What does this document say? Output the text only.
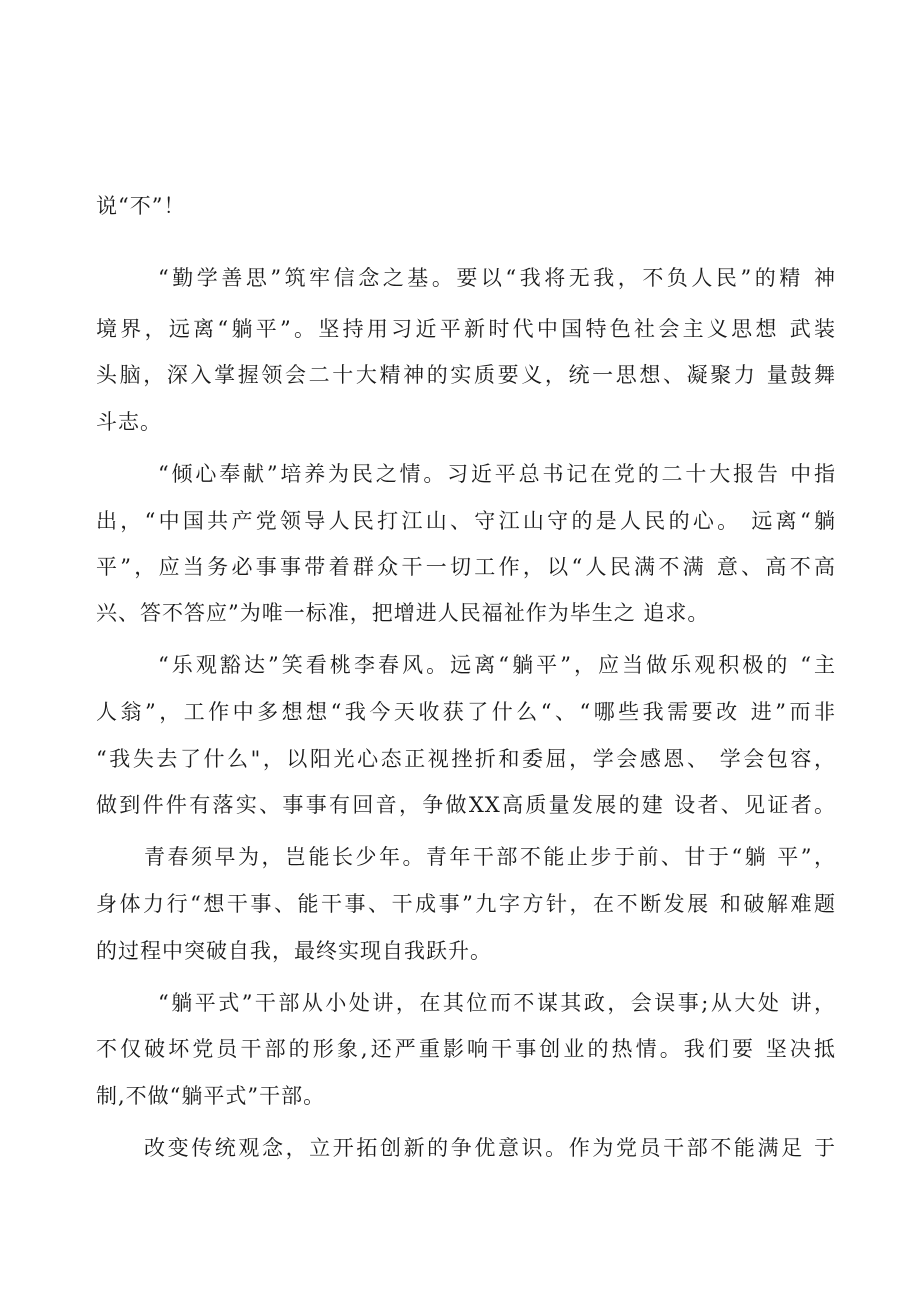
说“不”！
“勤学善思”筑牢信念之基。要以“我将无我，不负人民”的精 神
境界，远离“躺平”。坚持用习近平新时代中国特色社会主义思想 武装
头脑，深入掌握领会二十大精神的实质要义，统一思想、凝聚力 量鼓舞
斗志。
“倾心奉献”培养为民之情。习近平总书记在党的二十大报告 中指
出，“中国共产党领导人民打江山、守江山守的是人民的心。 远离“躺
平”，应当务必事事带着群众干一切工作，以“人民满不满 意、高不高
兴、答不答应”为唯一标准，把增进人民福祉作为毕生之 追求。
“乐观豁达”笑看桃李春风。远离“躺平”，应当做乐观积极的 “主
人翁”，工作中多想想“我今天收获了什么“、“哪些我需要改 进”而非
“我失去了什么"，以阳光心态正视挫折和委屈，学会感恩、 学会包容，
做到件件有落实、事事有回音，争做XX高质量发展的建 设者、见证者。
青春须早为，岂能长少年。青年干部不能止步于前、甘于“躺 平”，
身体力行“想干事、能干事、干成事”九字方针，在不断发展 和破解难题
的过程中突破自我，最终实现自我跃升。
“躺平式”干部从小处讲，在其位而不谋其政，会误事;从大处 讲，
不仅破坏党员干部的形象,还严重影响干事创业的热情。我们要 坚决抵
制,不做“躺平式”干部。
改变传统观念，立开拓创新的争优意识。作为党员干部不能满足 于
